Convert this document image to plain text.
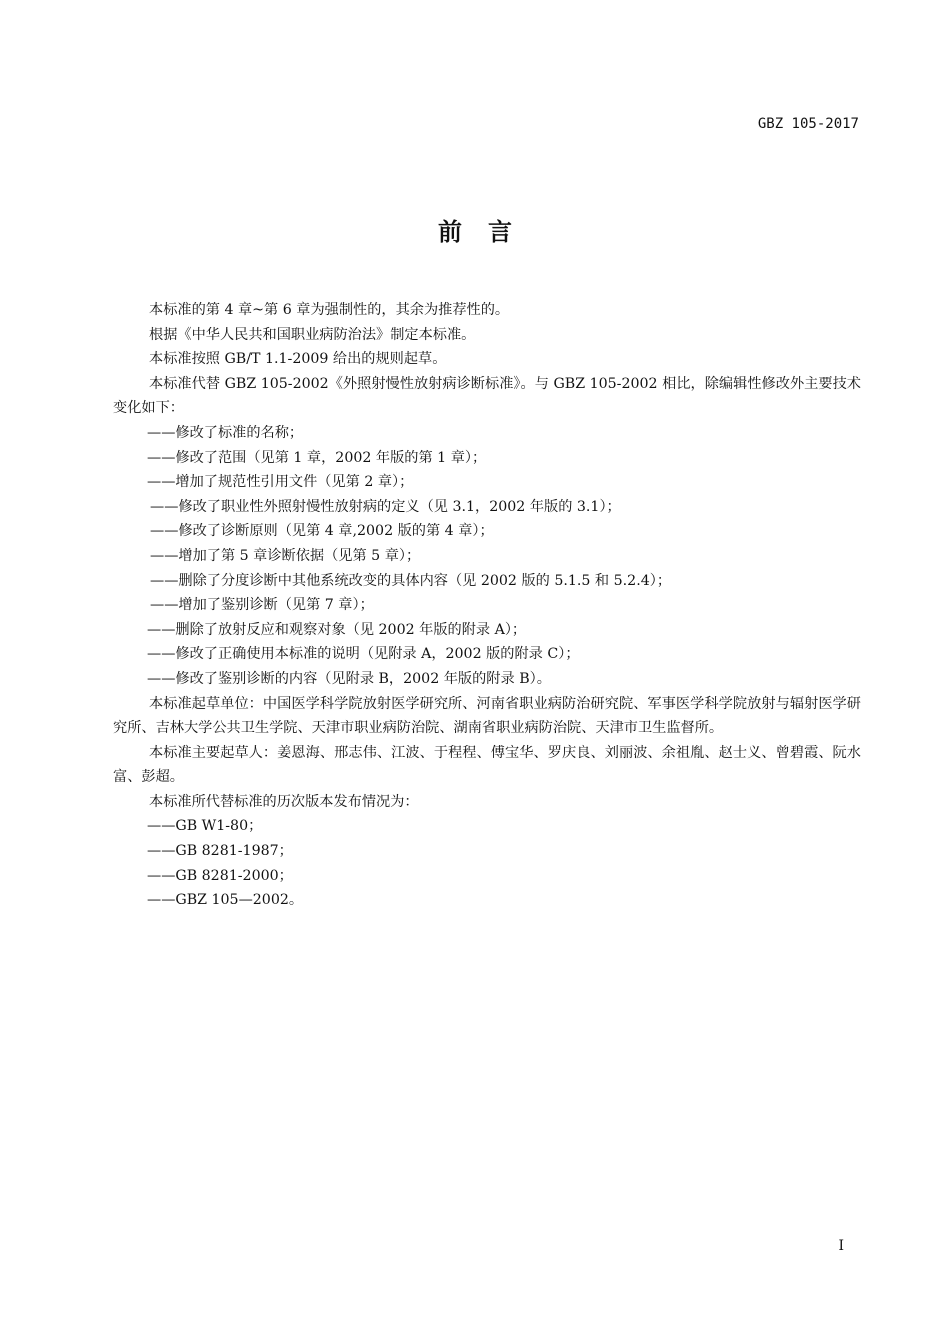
GBZ 105-2017
前言

本标准的第 4 章~第 6 章为强制性的，其余为推荐性的。

根据《中华人民共和国职业病防治法》制定本标准。

本标准按照 GB/T 1.1-2009 给出的规则起草。

本标准代替 GBZ 105-2002《外照射慢性放射病诊断标准》。与 GBZ 105-2002 相比，除编辑性修改外主要技术变化如下：

——修改了标准的名称；

——修改了范围（见第 1 章，2002 年版的第 1 章）；

——增加了规范性引用文件（见第 2 章）；

——修改了职业性外照射慢性放射病的定义（见 3.1，2002 年版的 3.1）；

——修改了诊断原则（见第 4 章,2002 版的第 4 章）；

——增加了第 5 章诊断依据（见第 5 章）；

——删除了分度诊断中其他系统改变的具体内容（见 2002 版的 5.1.5 和 5.2.4）；

——增加了鉴别诊断（见第 7 章）；

——删除了放射反应和观察对象（见 2002 年版的附录 A）；

——修改了正确使用本标准的说明（见附录 A，2002 版的附录 C）；

——修改了鉴别诊断的内容（见附录 B，2002 年版的附录 B）。

本标准起草单位：中国医学科学院放射医学研究所、河南省职业病防治研究院、军事医学科学院放射与辐射医学研究所、吉林大学公共卫生学院、天津市职业病防治院、湖南省职业病防治院、天津市卫生监督所。

本标准主要起草人：姜恩海、邢志伟、江波、于程程、傅宝华、罗庆良、刘丽波、余祖胤、赵士义、曾碧霞、阮水富、彭超。

本标准所代替标准的历次版本发布情况为：

——GB W1-80；

——GB 8281-1987；

——GB 8281-2000；

——GBZ 105—2002。

I
